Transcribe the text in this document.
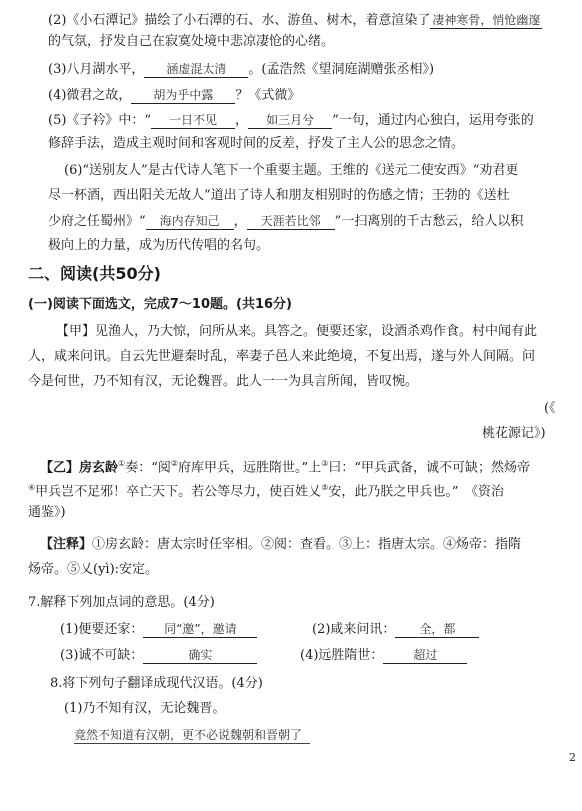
(2)《小石潭记》描绘了小石潭的石、水、游鱼、树木，着意渲染了 凄神寒骨，悄怆幽邃
的气氛，抒发自己在寂寞处境中悲凉凄怆的心绪。
(3)八月湖水平， 涵虚混太清 。(孟浩然《望洞庭湖赠张丞相》)
(4)微君之故， 胡为乎中露 ？《式微》
(5)《子衿》中：“ 一日不见 ， 如三月兮 ”一句，通过内心独白，运用夸张的
修辞手法，造成主观时间和客观时间的反差，抒发了主人公的思念之情。
(6)“送别友人”是古代诗人笔下一个重要主题。王维的《送元二使安西》“劝君更
尽一杯酒，西出阳关无故人”道出了诗人和朋友相别时的伤感之情；王勃的《送杜
少府之任蜀州》“ 海内存知己 ， 天涯若比邻 ”一扫离别的千古愁云，给人以积
极向上的力量，成为历代传唱的名句。
二、阅读(共50分)
(一)阅读下面选文，完成7～10题。(共16分)
【甲】见渔人，乃大惊，问所从来。具答之。便要还家，设酒杀鸡作食。村中闻有此
人，咸来问讯。自云先世避秦时乱，率妻子邑人来此绝境，不复出焉，遂与外人间隔。问
今是何世，乃不知有汉，无论魏晋。此人一一为具言所闻，皆叹惋。
(《
桃花源记》)
【乙】房玄龄①奏：“阅②府库甲兵，远胜隋世。”上③曰：“甲兵武备，诚不可缺；然炀帝
④甲兵岂不足邪！卒亡天下。若公等尽力，使百姓乂⑤安，此乃朕之甲兵也。”　《资治
通鉴》)
【注释】①房玄龄：唐太宗时任宰相。②阅：查看。③上：指唐太宗。④炀帝：指隋
炀帝。⑤乂(yì):安定。
7.解释下列加点词的意思。(4分)
(1)便要还家： 同“邀”，邀请	(2)咸来问讯： 全，都
(3)诚不可缺：	确实	(4)远胜隋世： 超过
8.将下列句子翻译成现代汉语。(4分)
(1)乃不知有汉，无论魏晋。
竟然不知道有汉朝，更不必说魏朝和晋朝了
2
